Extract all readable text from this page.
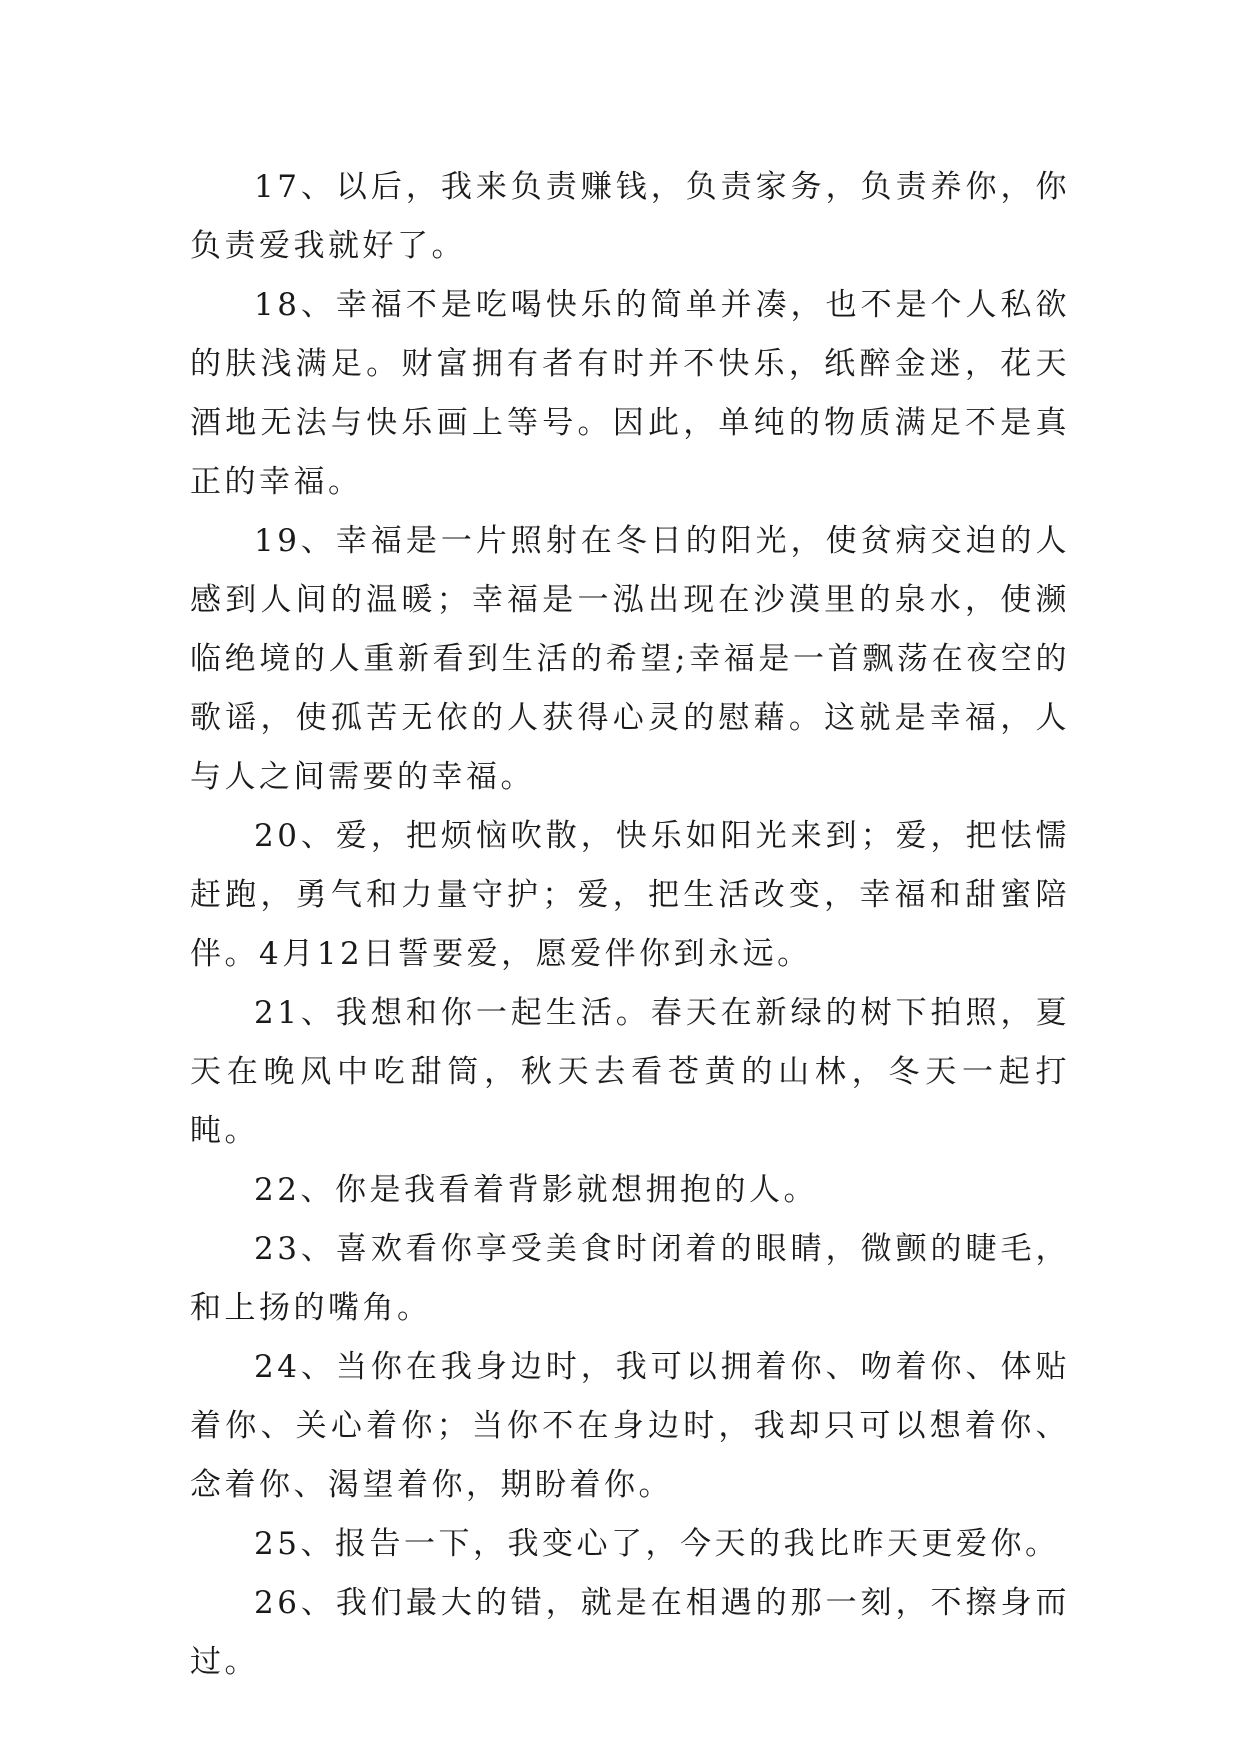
17、以后，我来负责赚钱，负责家务，负责养你，你负责爱我就好了。

18、幸福不是吃喝快乐的简单并凑，也不是个人私欲的肤浅满足。财富拥有者有时并不快乐，纸醉金迷，花天酒地无法与快乐画上等号。因此，单纯的物质满足不是真正的幸福。

19、幸福是一片照射在冬日的阳光，使贫病交迫的人感到人间的温暖；幸福是一泓出现在沙漠里的泉水，使濒临绝境的人重新看到生活的希望;幸福是一首飘荡在夜空的歌谣，使孤苦无依的人获得心灵的慰藉。这就是幸福，人与人之间需要的幸福。

20、爱，把烦恼吹散，快乐如阳光来到；爱，把怯懦赶跑，勇气和力量守护；爱，把生活改变，幸福和甜蜜陪伴。4月12日誓要爱，愿爱伴你到永远。

21、我想和你一起生活。春天在新绿的树下拍照，夏天在晚风中吃甜筒，秋天去看苍黄的山林，冬天一起打盹。

22、你是我看着背影就想拥抱的人。

23、喜欢看你享受美食时闭着的眼睛，微颤的睫毛，和上扬的嘴角。

24、当你在我身边时，我可以拥着你、吻着你、体贴着你、关心着你；当你不在身边时，我却只可以想着你、念着你、渴望着你，期盼着你。

25、报告一下，我变心了，今天的我比昨天更爱你。

26、我们最大的错，就是在相遇的那一刻，不擦身而过。
